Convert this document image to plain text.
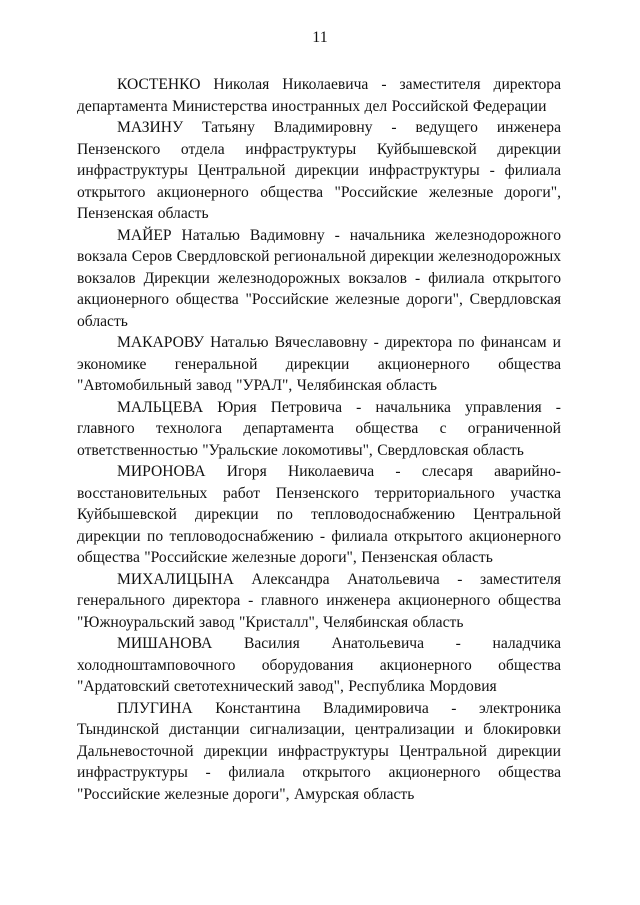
11

КОСТЕНКО Николая Николаевича - заместителя директора департамента Министерства иностранных дел Российской Федерации

МАЗИНУ Татьяну Владимировну - ведущего инженера Пензенского отдела инфраструктуры Куйбышевской дирекции инфраструктуры Центральной дирекции инфраструктуры - филиала открытого акционерного общества "Российские железные дороги", Пензенская область

МАЙЕР Наталью Вадимовну - начальника железнодорожного вокзала Серов Свердловской региональной дирекции железнодорожных вокзалов Дирекции железнодорожных вокзалов - филиала открытого акционерного общества "Российские железные дороги", Свердловская область

МАКАРОВУ Наталью Вячеславовну - директора по финансам и экономике генеральной дирекции акционерного общества "Автомобильный завод "УРАЛ", Челябинская область

МАЛЬЦЕВА Юрия Петровича - начальника управления - главного технолога департамента общества с ограниченной ответственностью "Уральские локомотивы", Свердловская область

МИРОНОВА Игоря Николаевича - слесаря аварийно-восстановительных работ Пензенского территориального участка Куйбышевской дирекции по тепловодоснабжению Центральной дирекции по тепловодоснабжению - филиала открытого акционерного общества "Российские железные дороги", Пензенская область

МИХАЛИЦЫНА Александра Анатольевича - заместителя генерального директора - главного инженера акционерного общества "Южноуральский завод "Кристалл", Челябинская область

МИШАНОВА Василия Анатольевича - наладчика холодноштамповочного оборудования акционерного общества "Ардатовский светотехнический завод", Республика Мордовия

ПЛУГИНА Константина Владимировича - электроника Тындинской дистанции сигнализации, централизации и блокировки Дальневосточной дирекции инфраструктуры Центральной дирекции инфраструктуры - филиала открытого акционерного общества "Российские железные дороги", Амурская область
